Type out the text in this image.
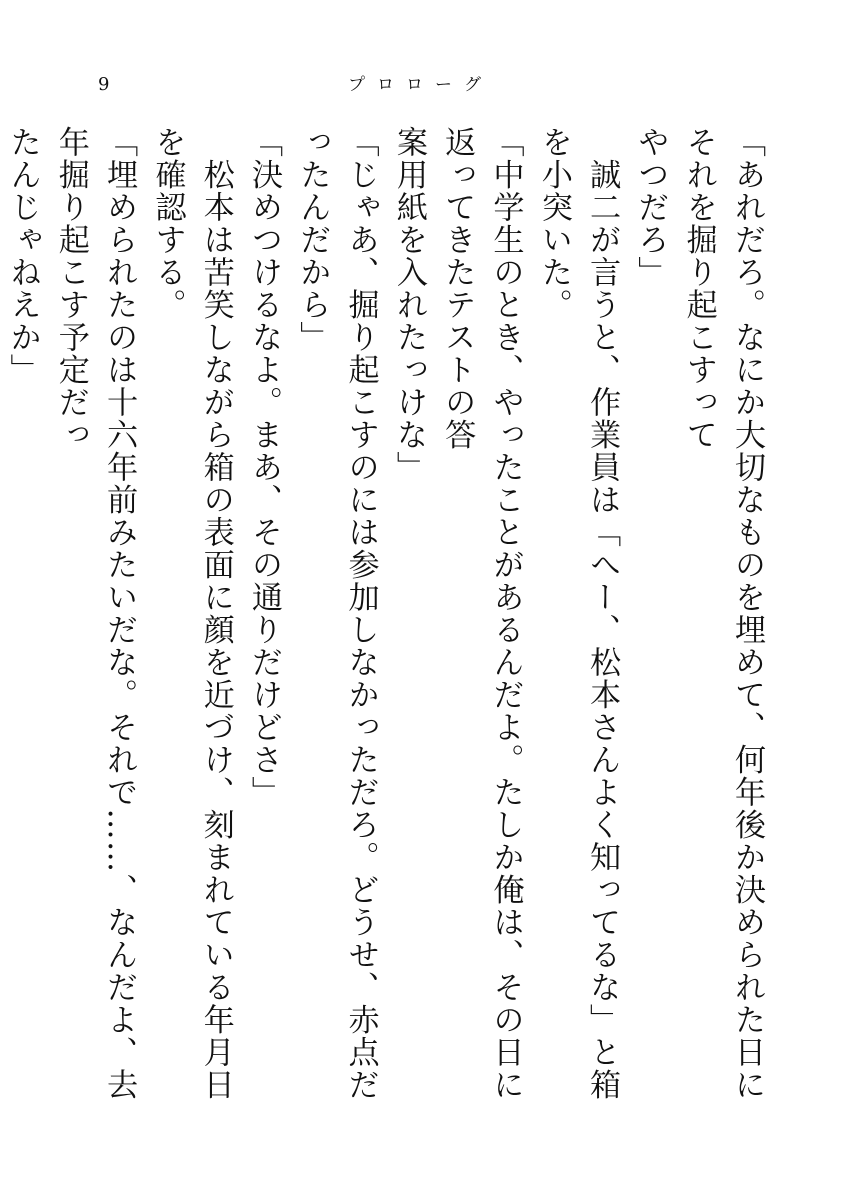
9	プロローグ

「あれだろ。なにか大切なものを埋めて、何年後か決められた日にそれを掘り起こすって

やつだろ」

　誠二が言うと、作業員は「へー、松本さんよく知ってるな」と箱を小突いた。

「中学生のとき、やったことがあるんだよ。たしか俺は、その日に返ってきたテストの答

案用紙を入れたっけな」

「じゃあ、掘り起こすのには参加しなかっただろ。どうせ、赤点だったんだから」

「決めつけるなよ。まあ、その通りだけどさ」

　松本は苦笑しながら箱の表面に顔を近づけ、刻まれている年月日を確認する。

「埋められたのは十六年前みたいだな。それで……、なんだよ、去年掘り起こす予定だっ

たんじゃねえか」
